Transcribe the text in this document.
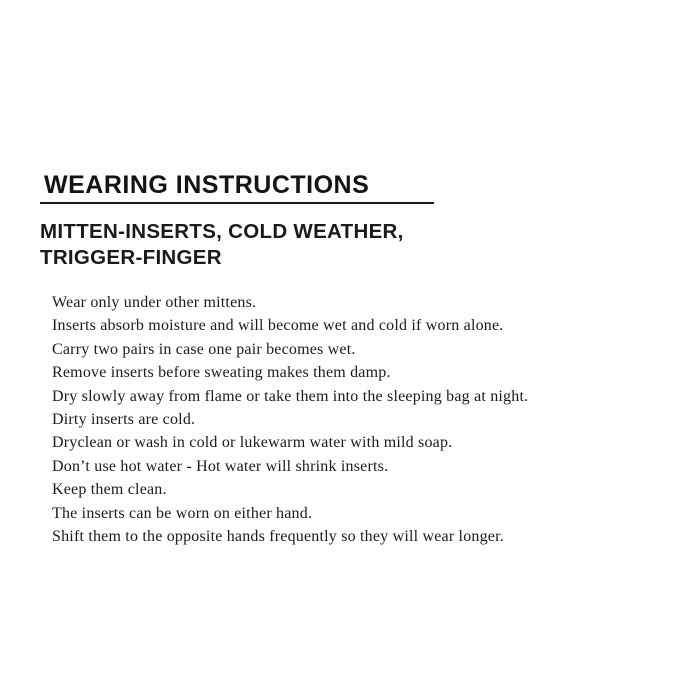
WEARING INSTRUCTIONS
MITTEN-INSERTS, COLD WEATHER,
TRIGGER-FINGER
Wear only under other mittens.
Inserts absorb moisture and will become wet and cold if worn alone.
Carry two pairs in case one pair becomes wet.
Remove inserts before sweating makes them damp.
Dry slowly away from flame or take them into the sleeping bag at night.
Dirty inserts are cold.
Dryclean or wash in cold or lukewarm water with mild soap.
Don’t use hot water - Hot water will shrink inserts.
Keep them clean.
The inserts can be worn on either hand.
Shift them to the opposite hands frequently so they will wear longer.
